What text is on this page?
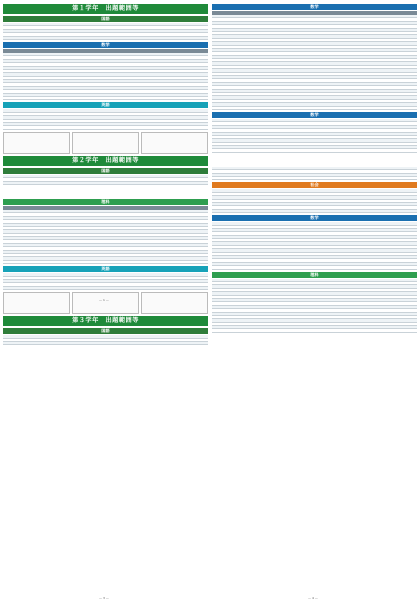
第１学年　出題範囲等
国語
数学
英語
第２学年　出題範囲等
国語
— 1 —
理科
英語
第３学年　出題範囲等
国語
— 3 —
数学
数学
社会
数学
理科
— 4 —
